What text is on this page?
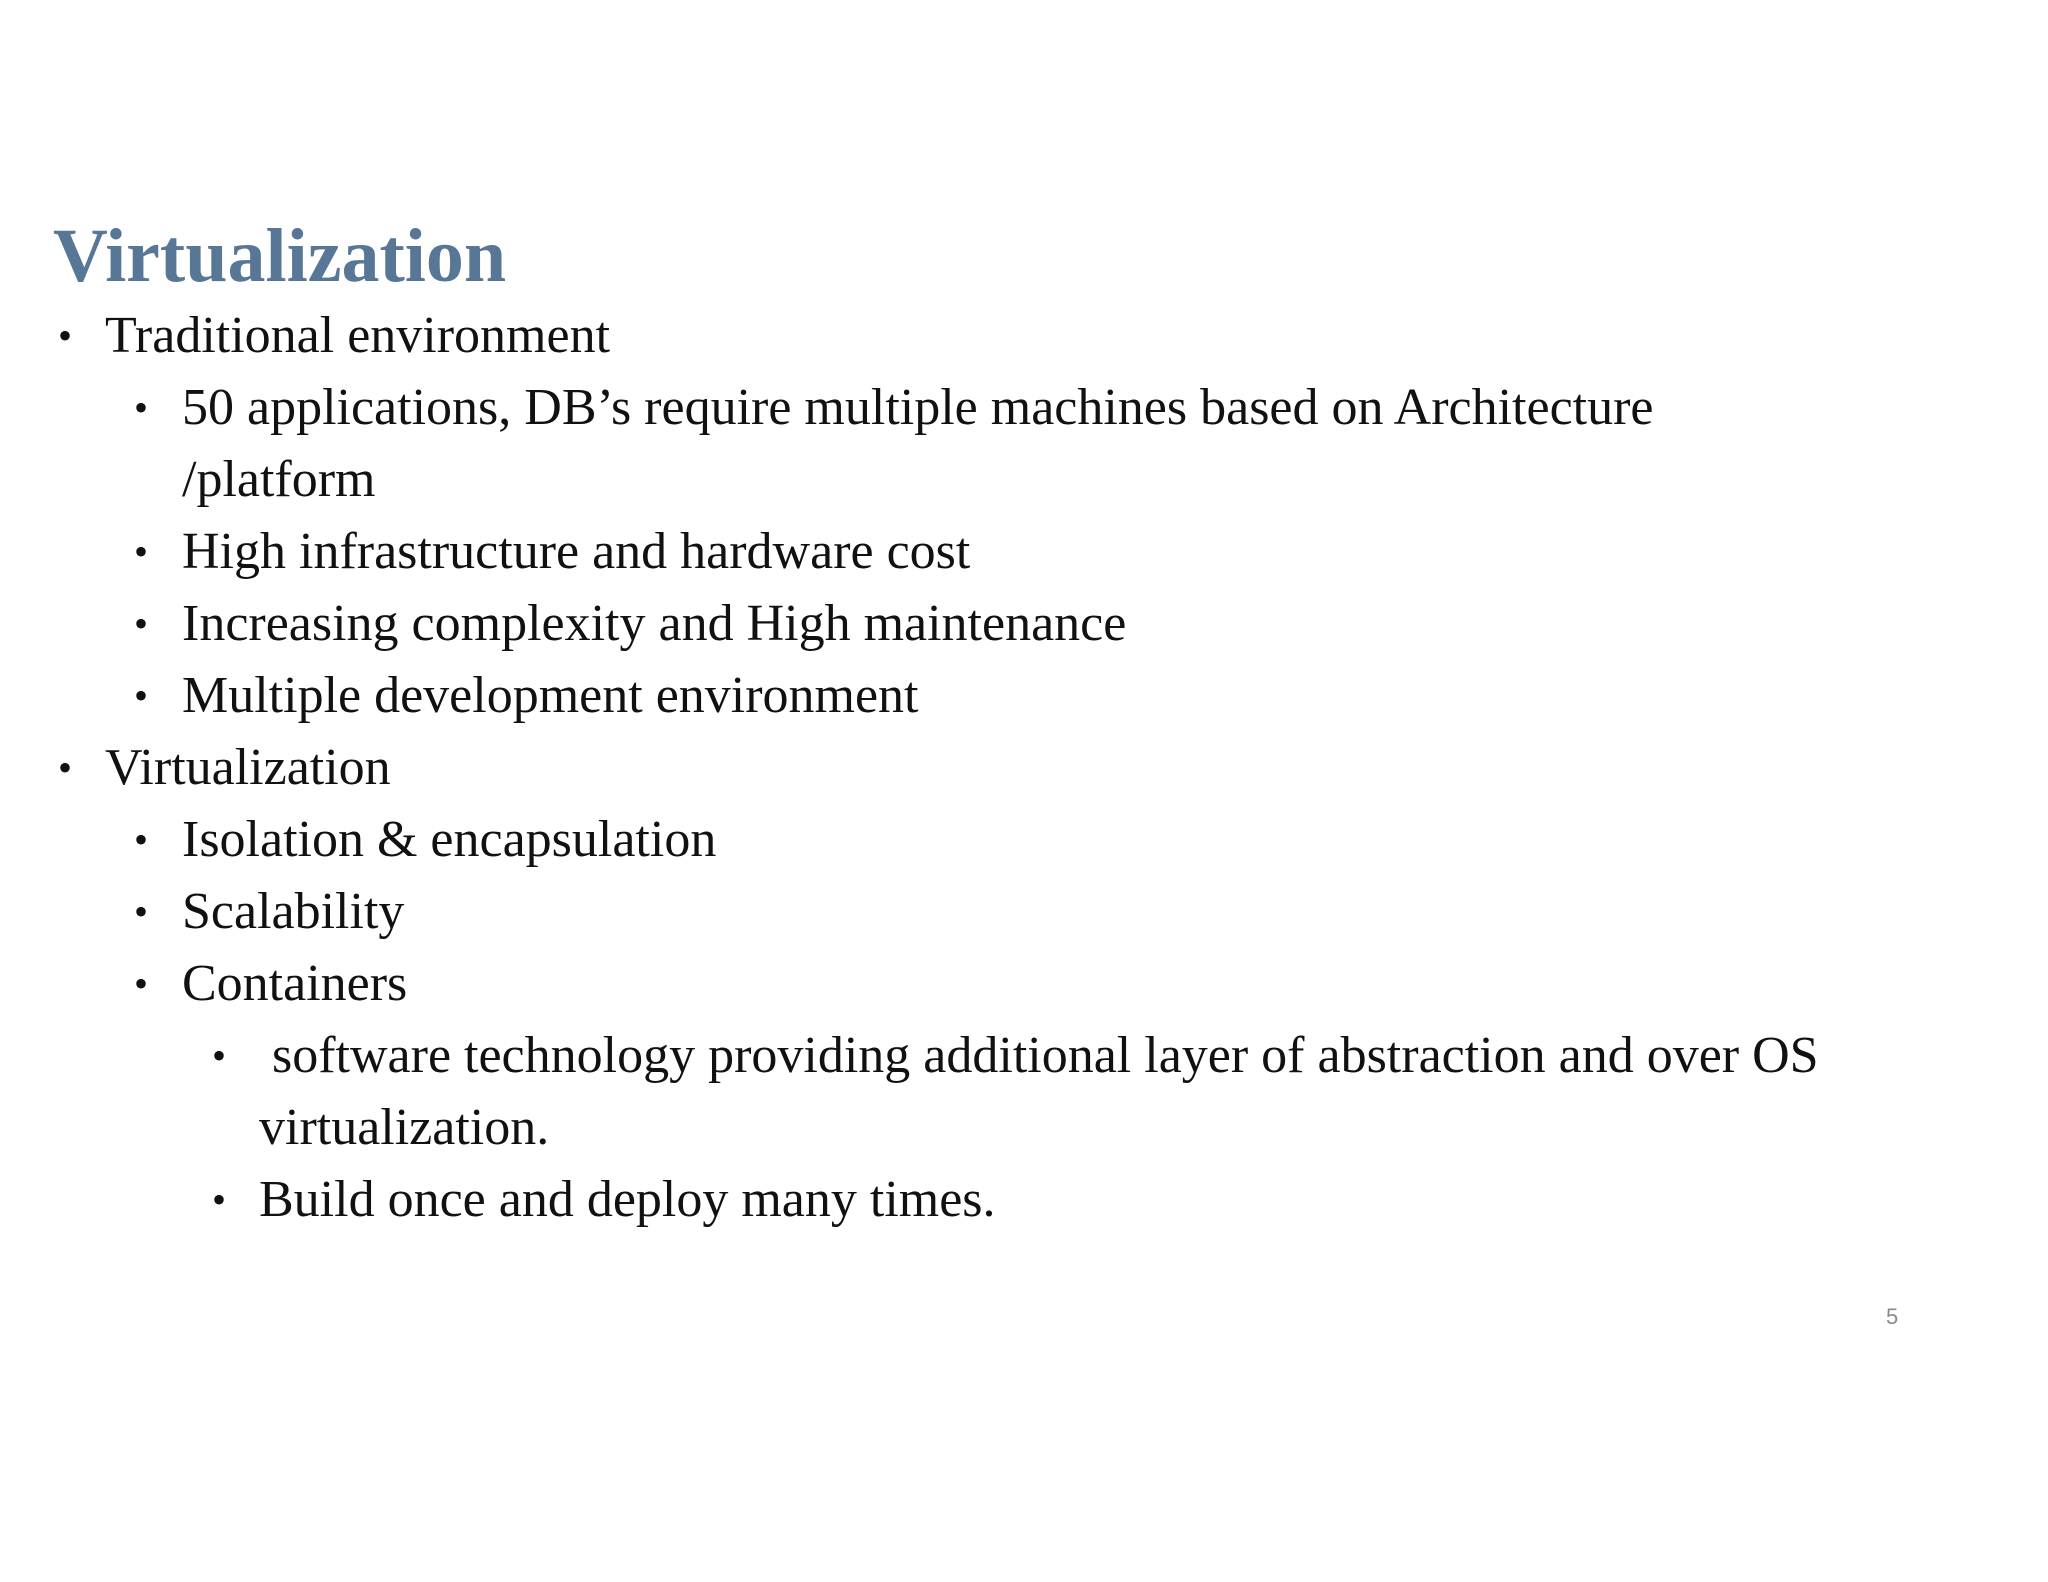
Virtualization
• Traditional environment
• 50 applications, DB’s require multiple machines based on Architecture
/platform
• High infrastructure and hardware cost
• Increasing complexity and High maintenance
• Multiple development environment
• Virtualization
• Isolation & encapsulation
• Scalability
• Containers
• software technology providing additional layer of abstraction and over OS
virtualization.
• Build once and deploy many times.
5
